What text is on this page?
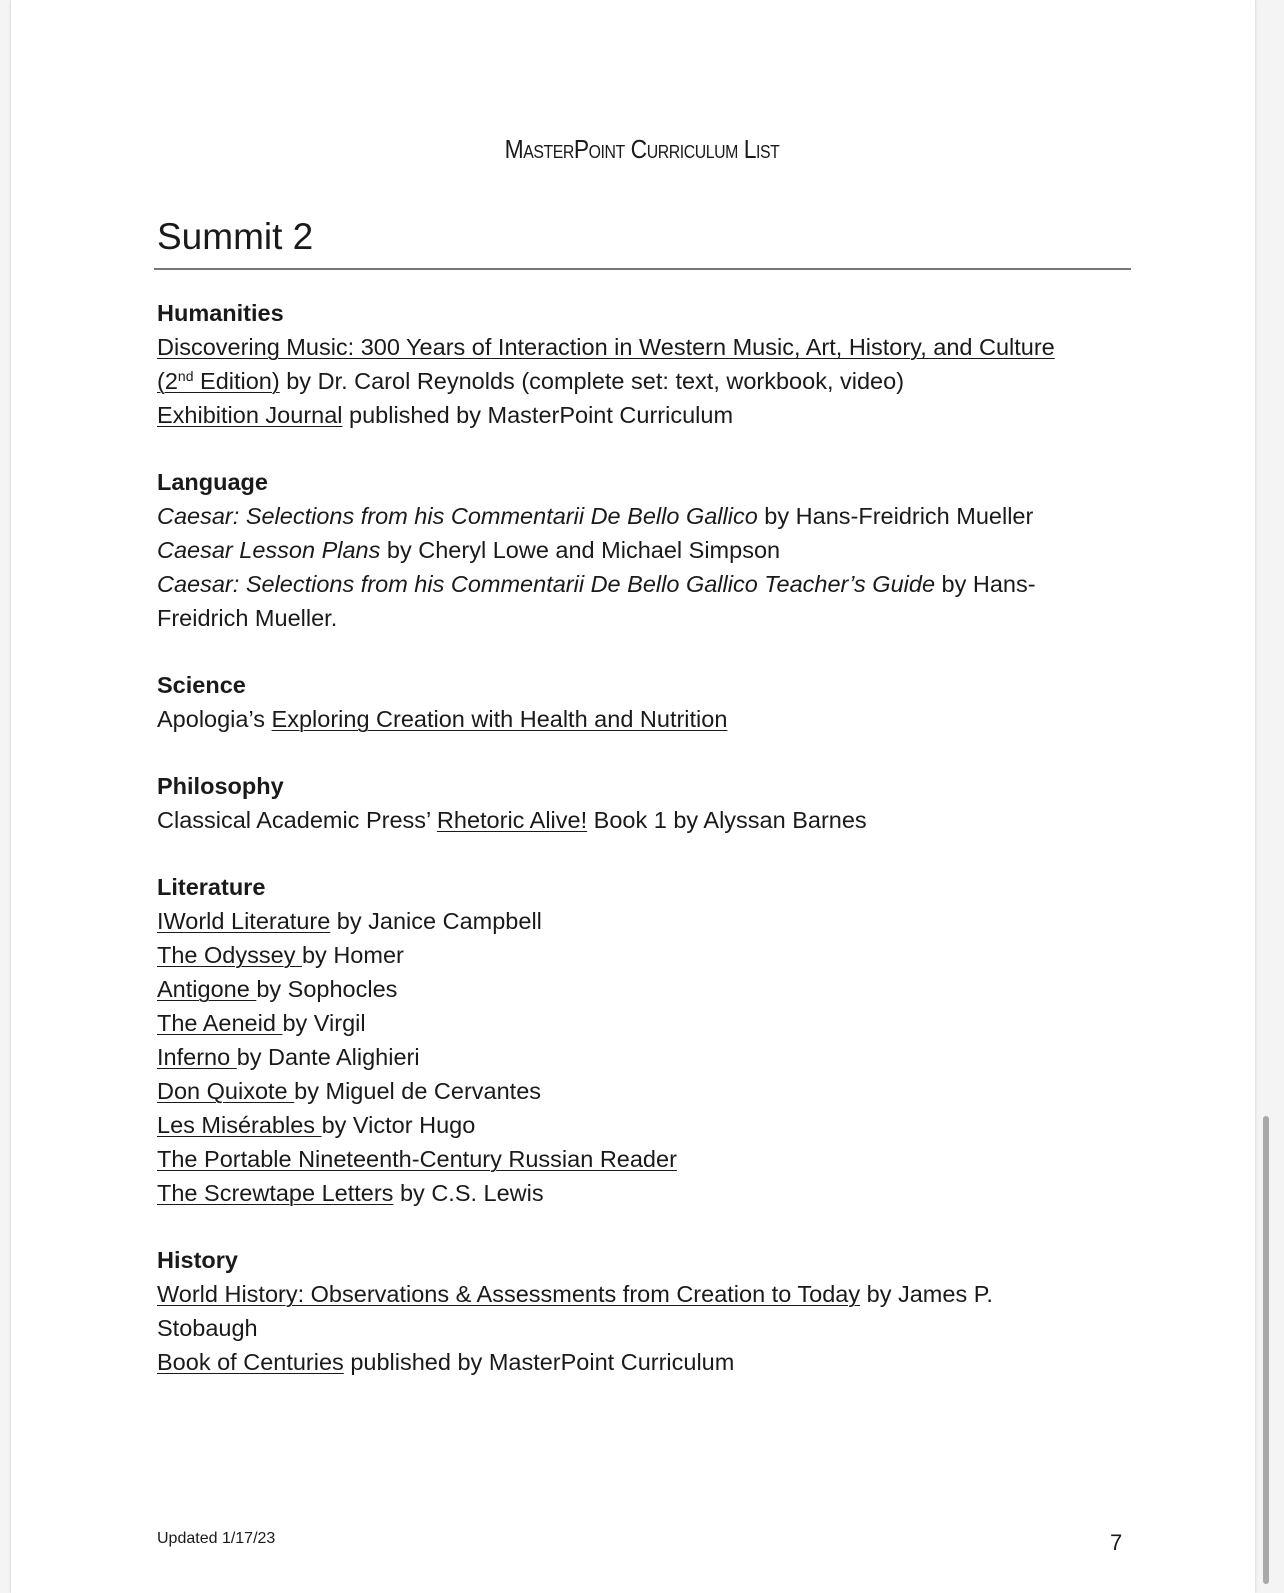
MasterPoint Curriculum List
Summit 2
Humanities
Discovering Music: 300 Years of Interaction in Western Music, Art, History, and Culture
(2nd Edition) by Dr. Carol Reynolds (complete set: text, workbook, video)
Exhibition Journal published by MasterPoint Curriculum
Language
Caesar: Selections from his Commentarii De Bello Gallico by Hans-Freidrich Mueller
Caesar Lesson Plans by Cheryl Lowe and Michael Simpson
Caesar: Selections from his Commentarii De Bello Gallico Teacher’s Guide by Hans-
Freidrich Mueller.
Science
Apologia’s Exploring Creation with Health and Nutrition
Philosophy
Classical Academic Press’ Rhetoric Alive! Book 1 by Alyssan Barnes
Literature
IWorld Literature by Janice Campbell
The Odyssey by Homer
Antigone by Sophocles
The Aeneid by Virgil
Inferno by Dante Alighieri
Don Quixote by Miguel de Cervantes
Les Misérables by Victor Hugo
The Portable Nineteenth-Century Russian Reader
The Screwtape Letters by C.S. Lewis
History
World History: Observations & Assessments from Creation to Today by James P.
Stobaugh
Book of Centuries published by MasterPoint Curriculum
Updated 1/17/23	7
